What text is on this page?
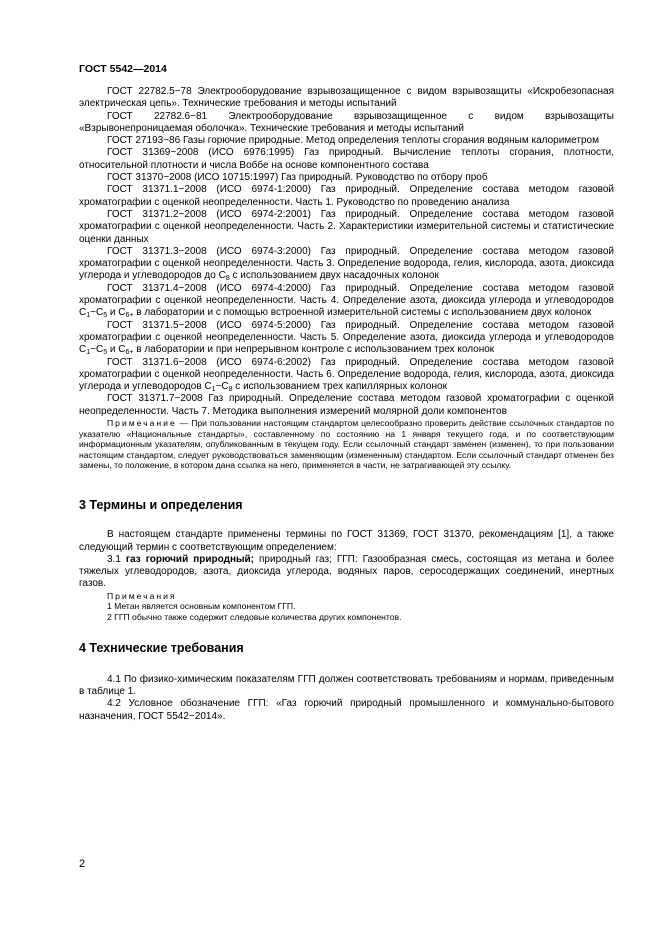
ГОСТ 5542—2014

ГОСТ 22782.5−78 Электрооборудование взрывозащищенное с видом взрывозащиты «Искробезопасная электрическая цепь». Технические требования и методы испытаний

ГОСТ 22782.6−81 Электрооборудование взрывозащищенное с видом взрывозащиты «Взрывонепроницаемая оболочка». Технические требования и методы испытаний

ГОСТ 27193−86 Газы горючие природные. Метод определения теплоты сгорания водяным калориметром

ГОСТ 31369−2008 (ИСО 6976:1995) Газ природный. Вычисление теплоты сгорания, плотности, относительной плотности и числа Воббе на основе компонентного состава

ГОСТ 31370−2008 (ИСО 10715:1997) Газ природный. Руководство по отбору проб

ГОСТ 31371.1−2008 (ИСО 6974-1:2000) Газ природный. Определение состава методом газовой хроматографии с оценкой неопределенности. Часть 1. Руководство по проведению анализа

ГОСТ 31371.2−2008 (ИСО 6974-2:2001) Газ природный. Определение состава методом газовой хроматографии с оценкой неопределенности. Часть 2. Характеристики измерительной системы и статистические оценки данных

ГОСТ 31371.3−2008 (ИСО 6974-3:2000) Газ природный. Определение состава методом газовой хроматографии с оценкой неопределенности. Часть 3. Определение водорода, гелия, кислорода, азота, диоксида углерода и углеводородов до $С_8$ с использованием двух насадочных колонок

ГОСТ 31371.4−2008 (ИСО 6974-4:2000) Газ природный. Определение состава методом газовой хроматографии с оценкой неопределенности. Часть 4. Определение азота, диоксида углерода и углеводородов $С_1-С_5$ и $С_{6+}$ в лаборатории и с помощью встроенной измерительной системы с использованием двух колонок

ГОСТ 31371.5−2008 (ИСО 6974-5:2000) Газ природный. Определение состава методом газовой хроматографии с оценкой неопределенности. Часть 5. Определение азота, диоксида углерода и углеводородов $С_1-С_5$ и $С_{6+}$ в лаборатории и при непрерывном контроле с использованием трех колонок

ГОСТ 31371.6−2008 (ИСО 6974-6:2002) Газ природный. Определение состава методом газовой хроматографии с оценкой неопределенности. Часть 6. Определение водорода, гелия, кислорода, азота, диоксида углерода и углеводородов $С_1-С_8$ с использованием трех капиллярных колонок

ГОСТ 31371.7−2008 Газ природный. Определение состава методом газовой хроматографии с оценкой неопределенности. Часть 7. Методика выполнения измерений молярной доли компонентов

Примечание — При пользовании настоящим стандартом целесообразно проверить действие ссылочных стандартов по указателю «Национальные стандарты», составленному по состоянию на 1 января текущего года, и по соответствующим информационным указателям, опубликованным в текущем году. Если ссылочный стандарт заменен (изменен), то при пользовании настоящим стандартом, следует руководствоваться заменяющим (измененным) стандартом. Если ссылочный стандарт отменен без замены, то положение, в котором дана ссылка на него, применяется в части, не затрагивающей эту ссылку.

3 Термины и определения

В настоящем стандарте применены термины по ГОСТ 31369, ГОСТ 31370, рекомендациям [1], а также следующий термин с соответствующим определением:

3.1 газ горючий природный; природный газ; ГГП: Газообразная смесь, состоящая из метана и более тяжелых углеводородов, азота, диоксида углерода, водяных паров, серосодержащих соединений, инертных газов.

Примечания

1 Метан является основным компонентом ГГП.

2 ГГП обычно также содержит следовые количества других компонентов.

4 Технические требования

4.1 По физико-химическим показателям ГГП должен соответствовать требованиям и нормам, приведенным в таблице 1.

4.2 Условное обозначение ГГП: «Газ горючий природный промышленного и коммунально-бытового назначения, ГОСТ 5542−2014».

2
